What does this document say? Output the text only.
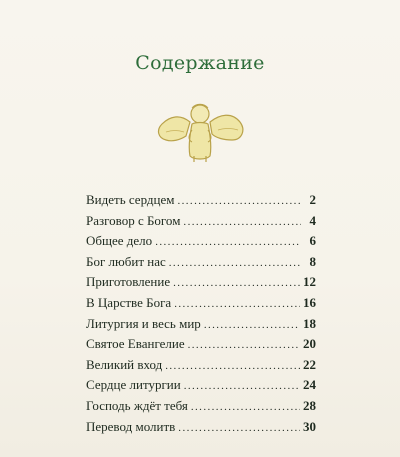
Содержание
Видеть сердцем .....	2
Разговор с Богом .....	4
Общее дело .....	6
Бог любит нас .....	8
Приготовление .....	12
В Царстве Бога .....	16
Литургия и весь мир .....	18
Святое Евангелие .....	20
Великий вход .....	22
Сердце литургии .....	24
Господь ждёт тебя .....	28
Перевод молитв .....	30
